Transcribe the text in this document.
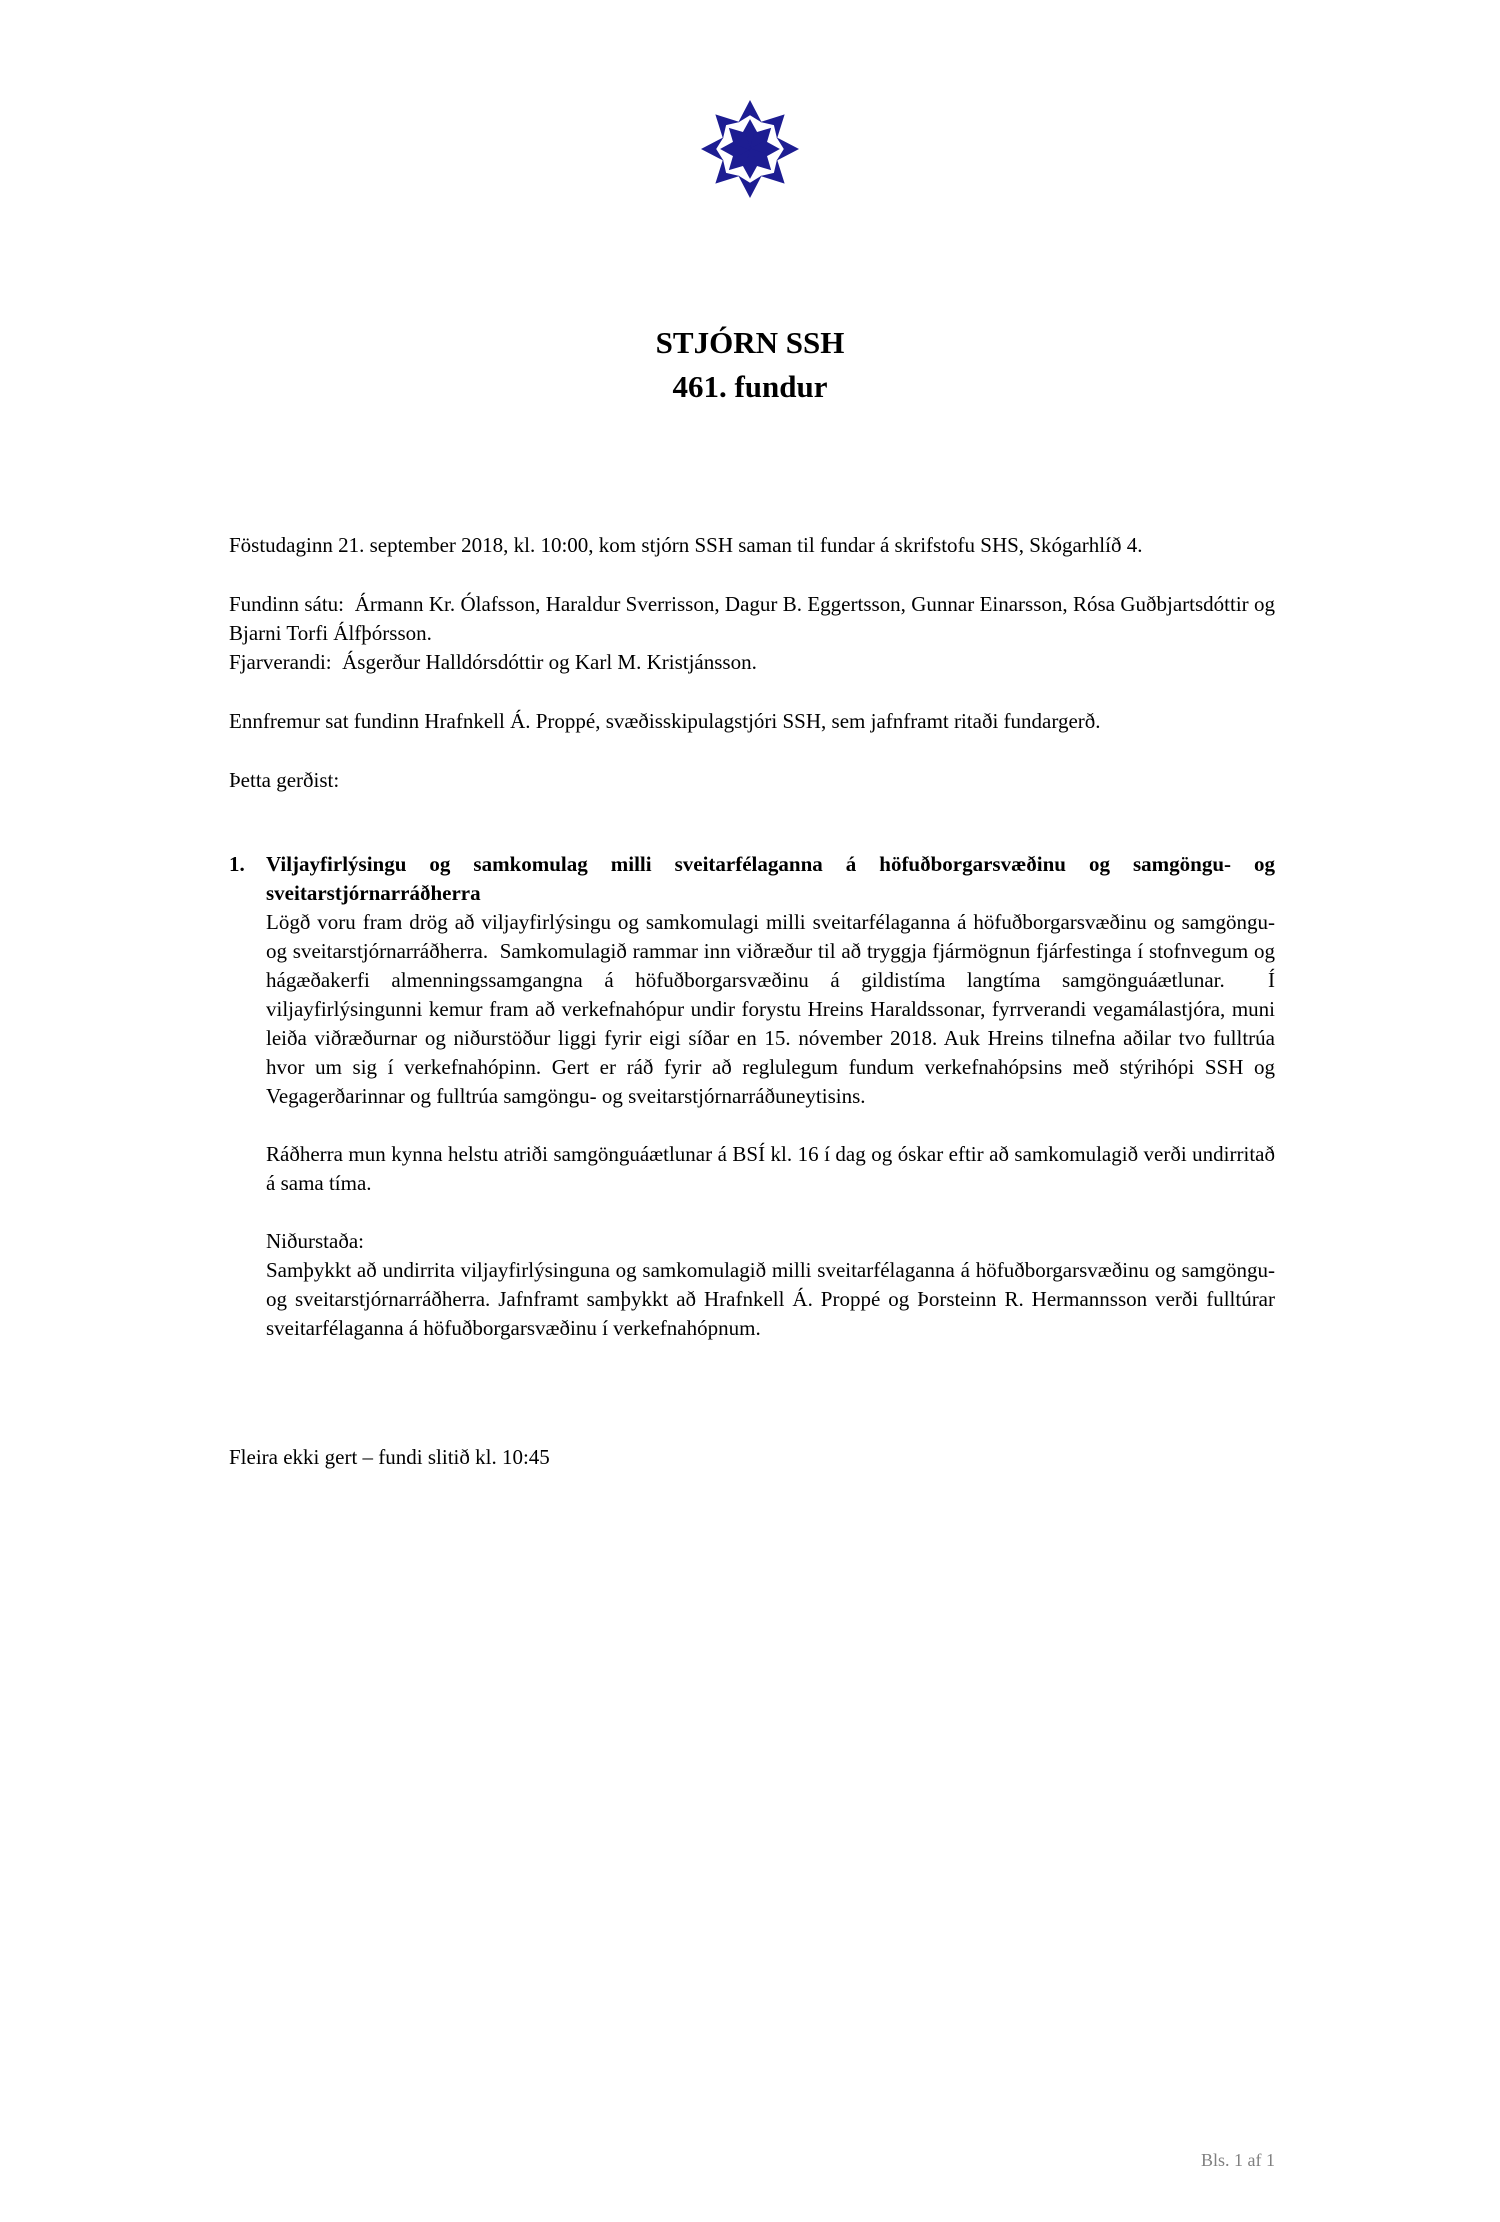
STJÓRN SSH
461. fundur

Föstudaginn 21. september 2018, kl. 10:00, kom stjórn SSH saman til fundar á skrifstofu SHS, Skógarhlíð 4.

Fundinn sátu:  Ármann Kr. Ólafsson, Haraldur Sverrisson, Dagur B. Eggertsson, Gunnar Einarsson, Rósa Guðbjartsdóttir og Bjarni Torfi Álfþórsson.
Fjarverandi:  Ásgerður Halldórsdóttir og Karl M. Kristjánsson.

Ennfremur sat fundinn Hrafnkell Á. Proppé, svæðisskipulagstjóri SSH, sem jafnframt ritaði fundargerð.

Þetta gerðist:

1.	Viljayfirlýsingu og samkomulag milli sveitarfélaganna á höfuðborgarsvæðinu og samgöngu- og sveitarstjórnarráðherra

Lögð voru fram drög að viljayfirlýsingu og samkomulagi milli sveitarfélaganna á höfuðborgarsvæðinu og samgöngu- og sveitarstjórnarráðherra.  Samkomulagið rammar inn viðræður til að tryggja fjármögnun fjárfestinga í stofnvegum og hágæðakerfi almenningssamgangna á höfuðborgarsvæðinu á gildistíma langtíma samgönguáætlunar.  Í viljayfirlýsingunni kemur fram að verkefnahópur undir forystu Hreins Haraldssonar, fyrrverandi vegamálastjóra, muni leiða viðræðurnar og niðurstöður liggi fyrir eigi síðar en 15. nóvember 2018. Auk Hreins tilnefna aðilar tvo fulltrúa hvor um sig í verkefnahópinn. Gert er ráð fyrir að reglulegum fundum verkefnahópsins með stýrihópi SSH og Vegagerðarinnar og fulltrúa samgöngu- og sveitarstjórnarráðuneytisins.

Ráðherra mun kynna helstu atriði samgönguáætlunar á BSÍ kl. 16 í dag og óskar eftir að samkomulagið verði undirritað á sama tíma.

Niðurstaða:
Samþykkt að undirrita viljayfirlýsinguna og samkomulagið milli sveitarfélaganna á höfuðborgarsvæðinu og samgöngu- og sveitarstjórnarráðherra. Jafnframt samþykkt að Hrafnkell Á. Proppé og Þorsteinn R. Hermannsson verði fulltúrar sveitarfélaganna á höfuðborgarsvæðinu í verkefnahópnum.

Fleira ekki gert – fundi slitið kl. 10:45

Bls. 1 af 1
